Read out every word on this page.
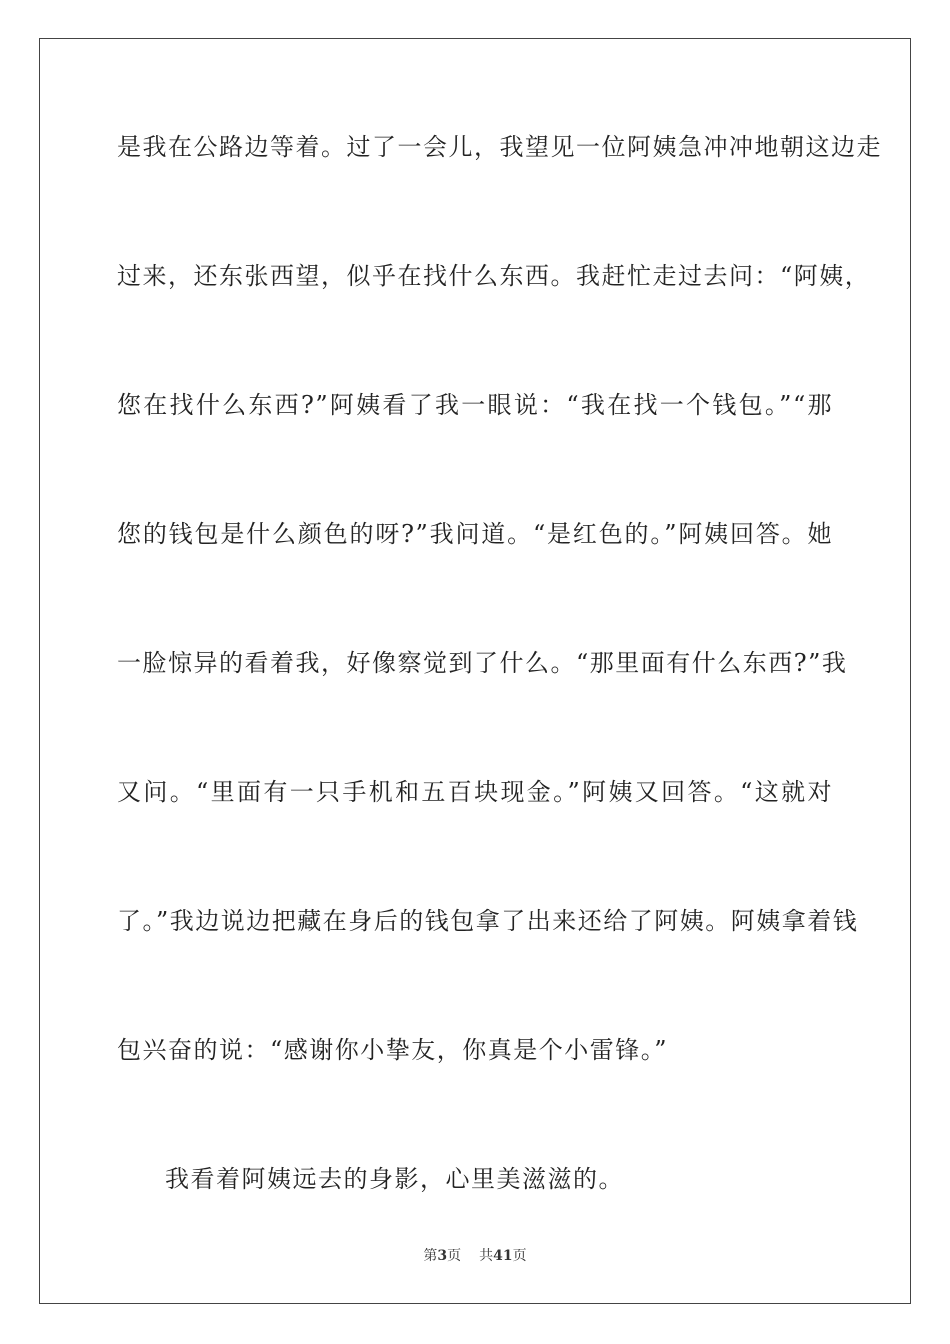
是我在公路边等着。过了一会儿，我望见一位阿姨急冲冲地朝这边走
过来，还东张西望，似乎在找什么东西。我赶忙走过去问：“阿姨，
您在找什么东西?”阿姨看了我一眼说：“我在找一个钱包。”“那
您的钱包是什么颜色的呀?”我问道。“是红色的。”阿姨回答。她
一脸惊异的看着我，好像察觉到了什么。“那里面有什么东西?”我
又问。“里面有一只手机和五百块现金。”阿姨又回答。“这就对
了。”我边说边把藏在身后的钱包拿了出来还给了阿姨。阿姨拿着钱
包兴奋的说：“感谢你小挚友，你真是个小雷锋。”
我看着阿姨远去的身影，心里美滋滋的。
第3页 共41页
